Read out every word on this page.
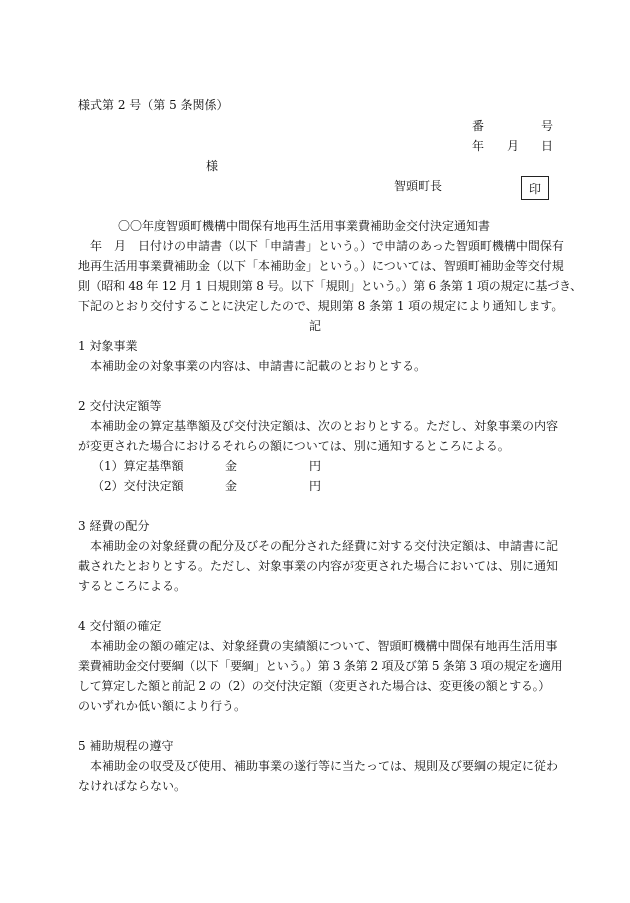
様式第 2 号（第 5 条関係）
番	号
年 月 日
様
智頭町長	印
〇〇年度智頭町機構中間保有地再生活用事業費補助金交付決定通知書
　年　月　日付けの申請書（以下「申請書」という。）で申請のあった智頭町機構中間保有
地再生活用事業費補助金（以下「本補助金」という。）については、智頭町補助金等交付規
則（昭和 48 年 12 月 1 日規則第 8 号。以下「規則」という。）第 6 条第 1 項の規定に基づき、
下記のとおり交付することに決定したので、規則第 8 条第 1 項の規定により通知します。
記
1 対象事業
本補助金の対象事業の内容は、申請書に記載のとおりとする。
2 交付決定額等
本補助金の算定基準額及び交付決定額は、次のとおりとする。ただし、対象事業の内容
が変更された場合におけるそれらの額については、別に通知するところによる。
（1）算定基準額	金	円
（2）交付決定額	金	円
3 経費の配分
本補助金の対象経費の配分及びその配分された経費に対する交付決定額は、申請書に記
載されたとおりとする。ただし、対象事業の内容が変更された場合においては、別に通知
するところによる。
4 交付額の確定
本補助金の額の確定は、対象経費の実績額について、智頭町機構中間保有地再生活用事
業費補助金交付要綱（以下「要綱」という。）第 3 条第 2 項及び第 5 条第 3 項の規定を適用
して算定した額と前記 2 の（2）の交付決定額（変更された場合は、変更後の額とする。）
のいずれか低い額により行う。
5 補助規程の遵守
本補助金の収受及び使用、補助事業の遂行等に当たっては、規則及び要綱の規定に従わ
なければならない。
